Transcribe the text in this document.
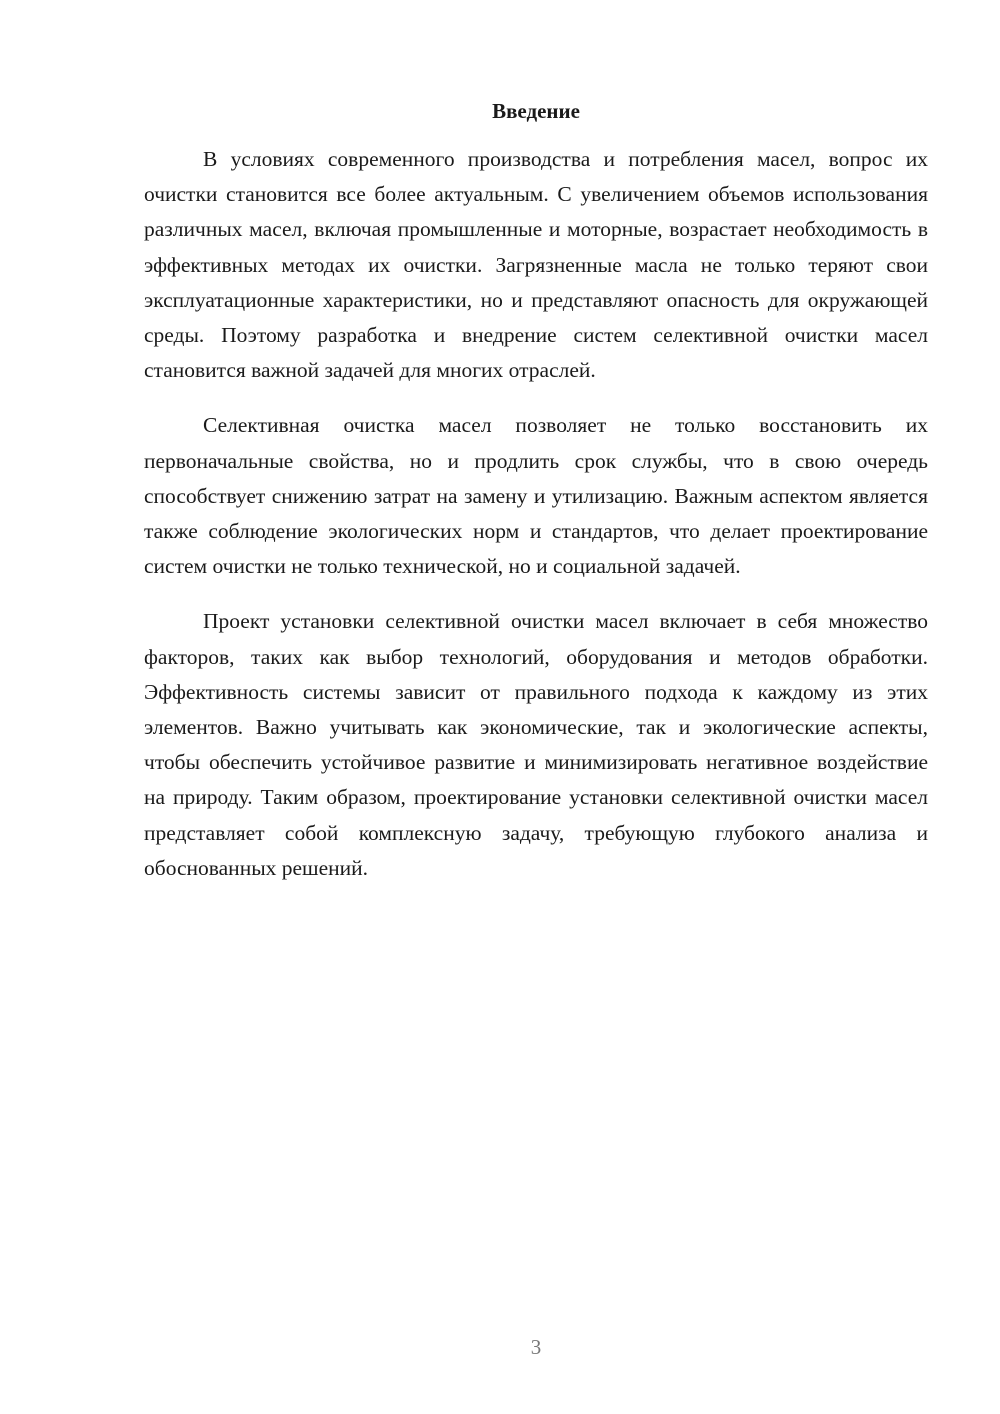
Введение

В условиях современного производства и потребления масел, вопрос их очистки становится все более актуальным. С увеличением объемов использования различных масел, включая промышленные и моторные, возрастает необходимость в эффективных методах их очистки. Загрязненные масла не только теряют свои эксплуатационные характеристики, но и представляют опасность для окружающей среды. Поэтому разработка и внедрение систем селективной очистки масел становится важной задачей для многих отраслей.

Селективная очистка масел позволяет не только восстановить их первоначальные свойства, но и продлить срок службы, что в свою очередь способствует снижению затрат на замену и утилизацию. Важным аспектом является также соблюдение экологических норм и стандартов, что делает проектирование систем очистки не только технической, но и социальной задачей.

Проект установки селективной очистки масел включает в себя множество факторов, таких как выбор технологий, оборудования и методов обработки. Эффективность системы зависит от правильного подхода к каждому из этих элементов. Важно учитывать как экономические, так и экологические аспекты, чтобы обеспечить устойчивое развитие и минимизировать негативное воздействие на природу. Таким образом, проектирование установки селективной очистки масел представляет собой комплексную задачу, требующую глубокого анализа и обоснованных решений.

3
